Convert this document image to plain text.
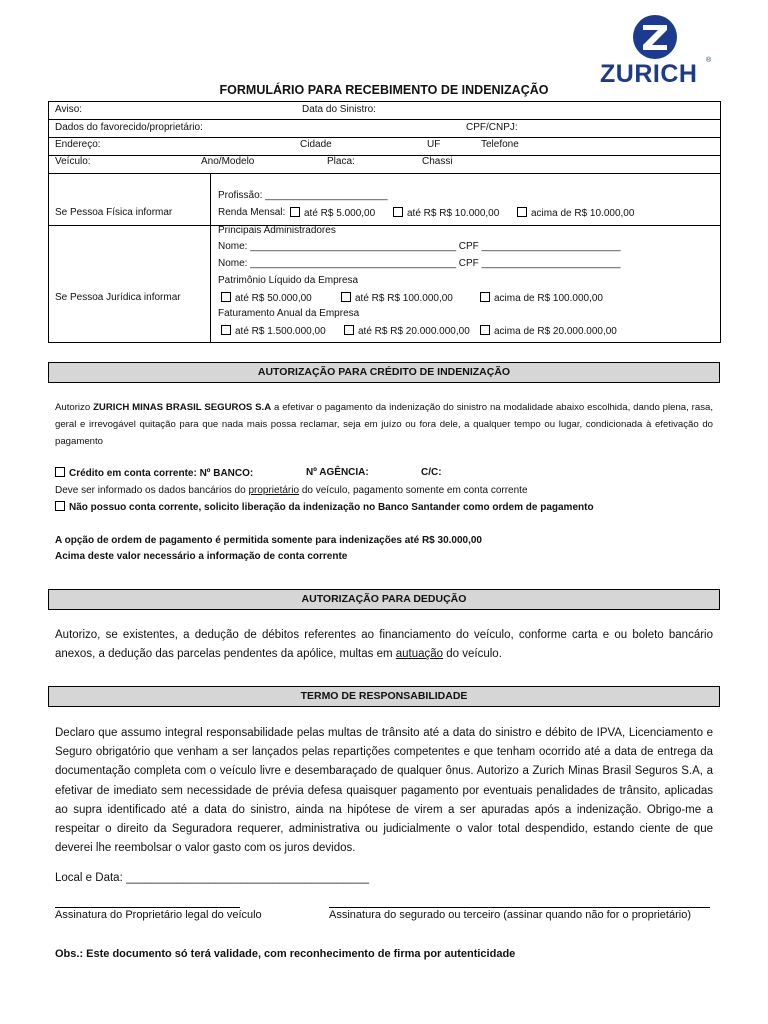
ZURICH ®
FORMULÁRIO PARA RECEBIMENTO DE INDENIZAÇÃO
Aviso:	Data do Sinistro:
Dados do favorecido/proprietário:	CPF/CNPJ:
Endereço:	Cidade	UF	Telefone
Veículo:	Ano/Modelo	Placa:	Chassi
Se Pessoa Física informar
Profissão: ______________________
Renda Mensal:	até R$ 5.000,00	até R$ R$ 10.000,00	acima de R$ 10.000,00
Se Pessoa Jurídica informar
Principais Administradores
Nome: _____________________________________ CPF _________________________
Nome: _____________________________________ CPF _________________________
Patrimônio Líquido da Empresa
até R$ 50.000,00	até R$ R$ 100.000,00	acima de R$ 100.000,00
Faturamento Anual da Empresa
até R$ 1.500.000,00	até R$ R$ 20.000.000,00	acima de R$ 20.000.000,00
AUTORIZAÇÃO PARA CRÉDITO DE INDENIZAÇÃO
Autorizo ZURICH MINAS BRASIL SEGUROS S.A a efetivar o pagamento da indenização do sinistro na modalidade abaixo escolhida, dando plena, rasa, geral e irrevogável quitação para que nada mais possa reclamar, seja em juízo ou fora dele, a qualquer tempo ou lugar, condicionada à efetivação do pagamento
Crédito em conta corrente: Nº BANCO:	Nº AGÊNCIA:	C/C:
Deve ser informado os dados bancários do proprietário do veículo, pagamento somente em conta corrente
Não possuo conta corrente, solicito liberação da indenização no Banco Santander como ordem de pagamento
A opção de ordem de pagamento é permitida somente para indenizações até R$ 30.000,00
Acima deste valor necessário a informação de conta corrente
AUTORIZAÇÃO PARA DEDUÇÃO
Autorizo, se existentes, a dedução de débitos referentes ao financiamento do veículo, conforme carta e ou boleto bancário anexos, a dedução das parcelas pendentes da apólice, multas em autuação do veículo.
TERMO DE RESPONSABILIDADE
Declaro que assumo integral responsabilidade pelas multas de trânsito até a data do sinistro e débito de IPVA, Licenciamento e Seguro obrigatório que venham a ser lançados pelas repartições competentes e que tenham ocorrido até a data de entrega da documentação completa com o veículo livre e desembaraçado de qualquer ônus. Autorizo a Zurich Minas Brasil Seguros S.A, a efetivar de imediato sem necessidade de prévia defesa quaisquer pagamento por eventuais penalidades de trânsito, aplicadas ao supra identificado até a data do sinistro, ainda na hipótese de virem a ser apuradas após a indenização. Obrigo-me a respeitar o direito da Seguradora requerer, administrativa ou judicialmente o valor total despendido, estando ciente de que deverei lhe reembolsar o valor gasto com os juros devidos.
Local e Data: ______________________________________
Assinatura do Proprietário legal do veículo	Assinatura do segurado ou terceiro (assinar quando não for o proprietário)
Obs.: Este documento só terá validade, com reconhecimento de firma por autenticidade
